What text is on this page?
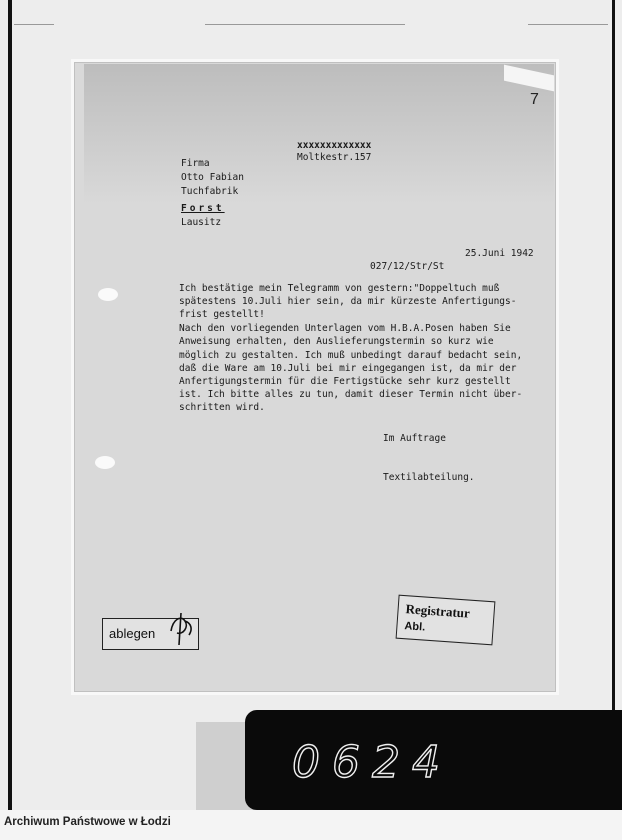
7
xxxxxxxxxxxxx
Moltkestr.157
Firma
Otto Fabian
Tuchfabrik
Forst
Lausitz
25.Juni 1942
027/12/Str/St
Ich bestätige mein Telegramm von gestern:"Doppeltuch muß
spätestens 10.Juli hier sein, da mir kürzeste Anfertigungs-
frist gestellt!
Nach den vorliegenden Unterlagen vom H.B.A.Posen haben Sie
Anweisung erhalten, den Auslieferungstermin so kurz wie
möglich zu gestalten. Ich muß unbedingt darauf bedacht sein,
daß die Ware am 10.Juli bei mir eingegangen ist, da mir der
Anfertigungstermin für die Fertigstücke sehr kurz gestellt
ist. Ich bitte alles zu tun, damit dieser Termin nicht über-
schritten wird.
Im Auftrage
Textilabteilung.
ablegen
Registratur
Abl.
0624
Archiwum Państwowe w Łodzi
